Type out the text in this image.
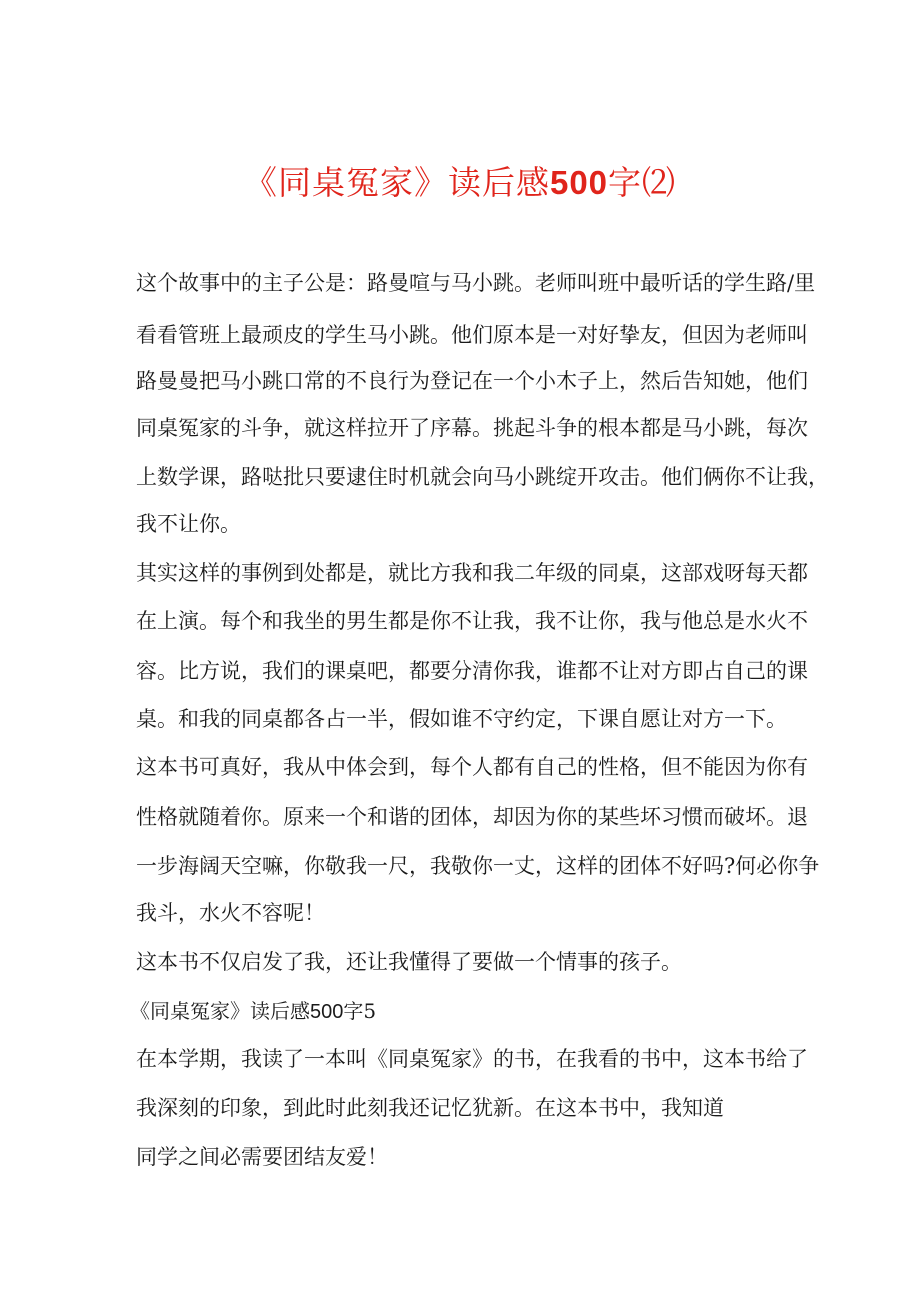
《同桌冤家》读后感500字⑵
这个故事中的主子公是：路曼喧与马小跳。老师叫班中最听话的学生路/里
看看管班上最顽皮的学生马小跳。他们原本是一对好挚友，但因为老师叫
路曼曼把马小跳口常的不良行为登记在一个小木子上，然后告知她，他们
同桌冤家的斗争，就这样拉开了序幕。挑起斗争的根本都是马小跳，每次
上数学课，路哒批只要逮住时机就会向马小跳绽开攻击。他们俩你不让我，
我不让你。
其实这样的事例到处都是，就比方我和我二年级的同桌，这部戏呀每天都
在上演。每个和我坐的男生都是你不让我，我不让你，我与他总是水火不
容。比方说，我们的课桌吧，都要分清你我，谁都不让对方即占自己的课
桌。和我的同桌都各占一半，假如谁不守约定，下课自愿让对方一下。
这本书可真好，我从中体会到，每个人都有自己的性格，但不能因为你有
性格就随着你。原来一个和谐的团体，却因为你的某些坏习惯而破坏。退
一步海阔天空嘛，你敬我一尺，我敬你一丈，这样的团体不好吗?何必你争
我斗，水火不容呢！
这本书不仅启发了我，还让我懂得了要做一个情事的孩子。
《同桌冤家》读后感500字5
在本学期，我读了一本叫《同桌冤家》的书，在我看的书中，这本书给了
我深刻的印象，到此时此刻我还记忆犹新。在这本书中，我知道
同学之间必需要团结友爱！
